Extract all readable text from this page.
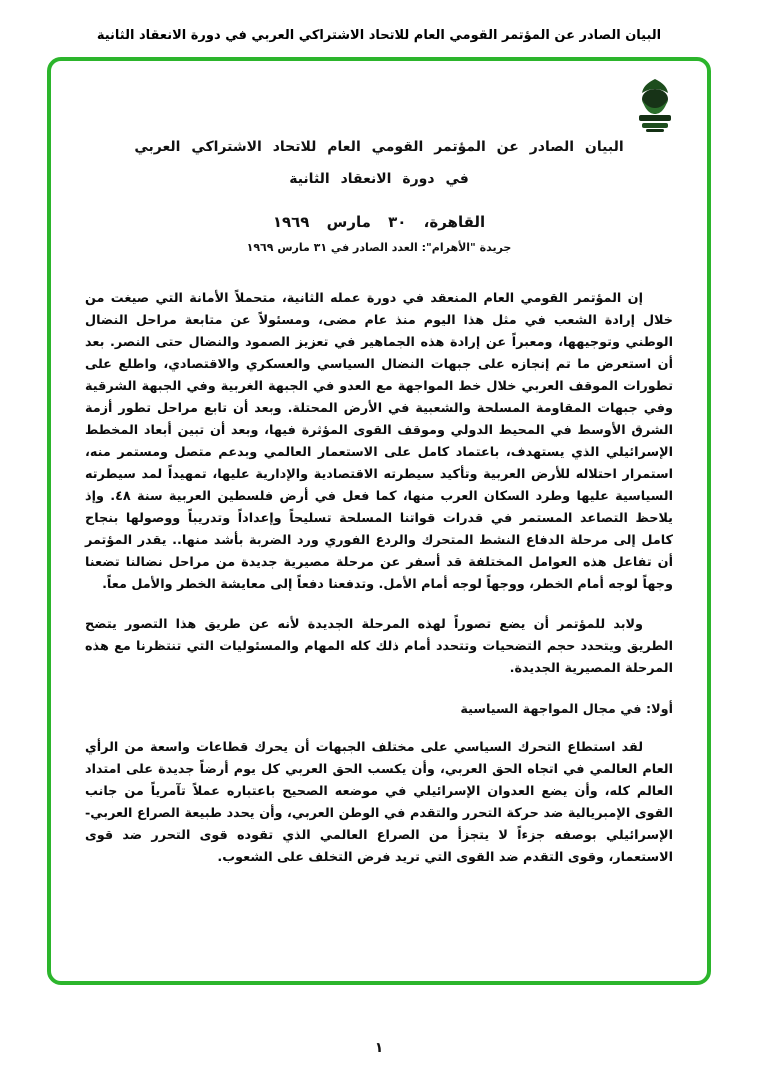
البيان الصادر عن المؤتمر القومي العام للاتحاد الاشتراكي العربي في دورة الانعقاد الثانية
البيان الصادر عن المؤتمر القومي العام للاتحاد الاشتراكي العربي
في دورة الانعقاد الثانية
القاهرة، ٣٠ مارس ١٩٦٩
جريدة "الأهرام": العدد الصادر في ٣١ مارس ١٩٦٩

إن المؤتمر القومي العام المنعقد في دورة عمله الثانية، متحملاً الأمانة التي صيغت من خلال إرادة الشعب في مثل هذا اليوم منذ عام مضى، ومسئولاً عن متابعة مراحل النضال الوطني وتوجيهها، ومعبراً عن إرادة هذه الجماهير في تعزيز الصمود والنضال حتى النصر. بعد أن استعرض ما تم إنجازه على جبهات النضال السياسي والعسكري والاقتصادي، واطلع على تطورات الموقف العربي خلال خط المواجهة مع العدو في الجبهة الغربية وفي الجبهة الشرقية وفي جبهات المقاومة المسلحة والشعبية في الأرض المحتلة. وبعد أن تابع مراحل تطور أزمة الشرق الأوسط في المحيط الدولي وموقف القوى المؤثرة فيها، وبعد أن تبين أبعاد المخطط الإسرائيلي الذي يستهدف، باعتماد كامل على الاستعمار العالمي وبدعم متصل ومستمر منه، استمرار احتلاله للأرض العربية وتأكيد سيطرته الاقتصادية والإدارية عليها، تمهيداً لمد سيطرته السياسية عليها وطرد السكان العرب منها، كما فعل في أرض فلسطين العربية سنة ٤٨. وإذ يلاحظ التصاعد المستمر في قدرات قواتنا المسلحة تسليحاً وإعداداً وتدريباً ووصولها بنجاح كامل إلى مرحلة الدفاع النشط المتحرك والردع الفوري ورد الضربة بأشد منها.. يقدر المؤتمر أن تفاعل هذه العوامل المختلفة قد أسفر عن مرحلة مصيرية جديدة من مراحل نضالنا تضعنا وجهاً لوجه أمام الخطر، ووجهاً لوجه أمام الأمل. وتدفعنا دفعاً إلى معايشة الخطر والأمل معاً.

ولابد للمؤتمر أن يضع تصوراً لهذه المرحلة الجديدة لأنه عن طريق هذا التصور يتضح الطريق ويتحدد حجم التضحيات وتتحدد أمام ذلك كله المهام والمسئوليات التي تنتظرنا مع هذه المرحلة المصيرية الجديدة.

أولا: في مجال المواجهة السياسية

لقد استطاع التحرك السياسي على مختلف الجبهات أن يحرك قطاعات واسعة من الرأي العام العالمي في اتجاه الحق العربي، وأن يكسب الحق العربي كل يوم أرضاً جديدة على امتداد العالم كله، وأن يضع العدوان الإسرائيلي في موضعه الصحيح باعتباره عملاً تآمرياً من جانب القوى الإمبريالية ضد حركة التحرر والتقدم في الوطن العربي، وأن يحدد طبيعة الصراع العربي- الإسرائيلي بوصفه جزءاً لا يتجزأ من الصراع العالمي الذي تقوده قوى التحرر ضد قوى الاستعمار، وقوى التقدم ضد القوى التي تريد فرض التخلف على الشعوب.

١
